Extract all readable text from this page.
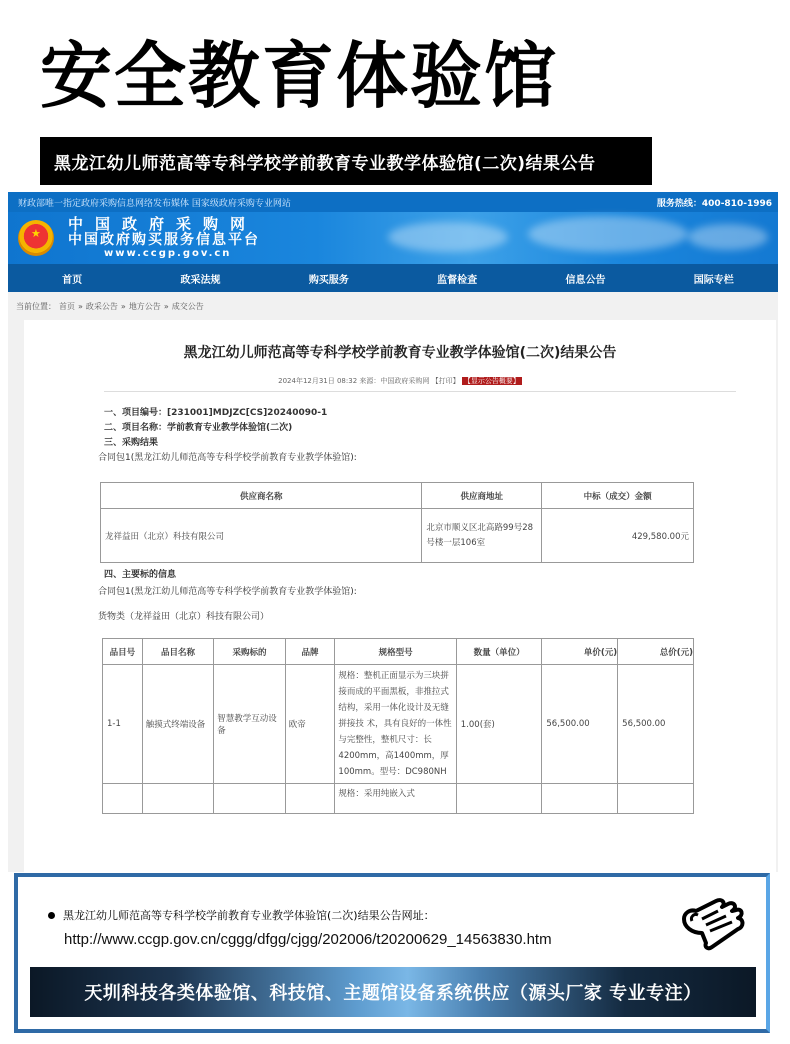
安全教育体验馆
黑龙江幼儿师范高等专科学校学前教育专业教学体验馆(二次)结果公告
财政部唯一指定政府采购信息网络发布媒体 国家级政府采购专业网站	服务热线：400-810-1996
★
中国政府采购网
中国政府购买服务信息平台
www.ccgp.gov.cn
首页	政采法规	购买服务	监督检查	信息公告	国际专栏
当前位置： 首页 » 政采公告 » 地方公告 » 成交公告
黑龙江幼儿师范高等专科学校学前教育专业教学体验馆(二次)结果公告
2024年12月31日 08:32 来源：中国政府采购网 【打印】 【显示公告概要】
一、项目编号：[231001]MDJZC[CS]20240090-1
二、项目名称：学前教育专业教学体验馆(二次)
三、采购结果
合同包1(黑龙江幼儿师范高等专科学校学前教育专业教学体验馆):
供应商名称	供应商地址	中标（成交）金额
龙祥益田（北京）科技有限公司	北京市顺义区北高路99号28号楼一层106室	429,580.00元
四、主要标的信息
合同包1(黑龙江幼儿师范高等专科学校学前教育专业教学体验馆):
货物类（龙祥益田（北京）科技有限公司）
品目号	品目名称	采购标的	品牌	规格型号	数量（单位）	单价(元)	总价(元)
1-1	触摸式终端设备	智慧教学互动设备	欧帝	规格：整机正面显示为三块拼接而成的平面黑板，非推拉式结构，采用一体化设计及无缝拼接技 术，具有良好的一体性与完整性，整机尺寸：长4200mm，高1400mm，厚100mm。型号：DC980NH	1.00(套)	56,500.00	56,500.00
				规格：采用纯嵌入式			
黑龙江幼儿师范高等专科学校学前教育专业教学体验馆(二次)结果公告网址：
http://www.ccgp.gov.cn/cggg/dfgg/cjgg/202006/t20200629_14563830.htm
天圳科技各类体验馆、科技馆、主题馆设备系统供应（源头厂家 专业专注）
